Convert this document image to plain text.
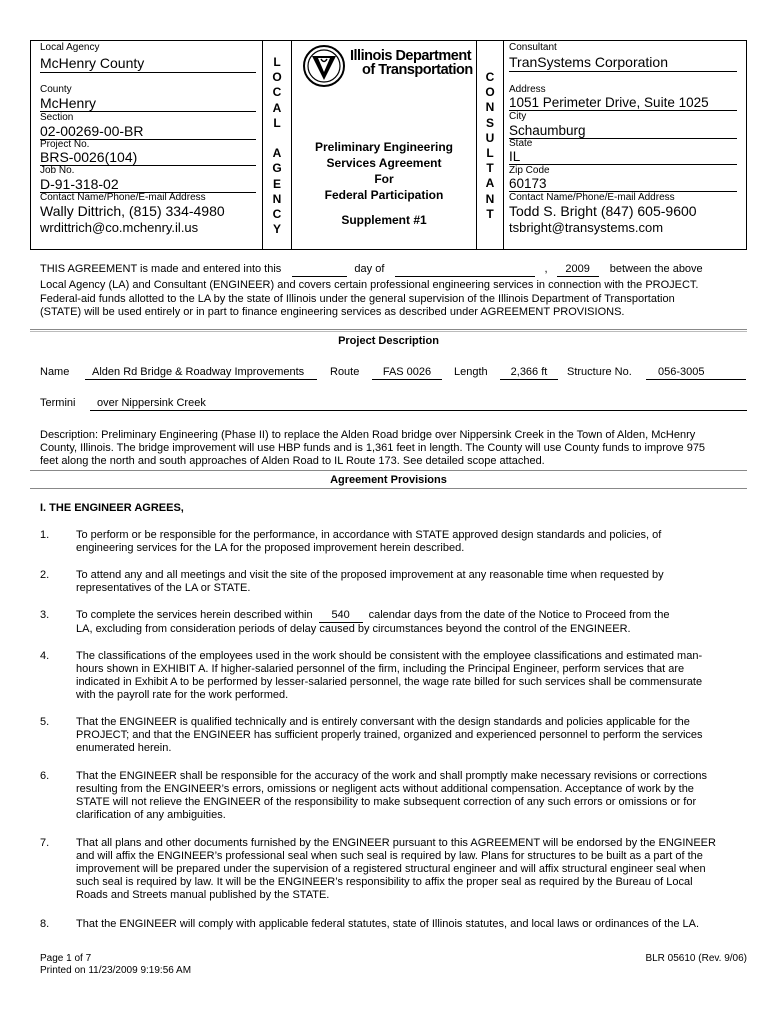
Local Agency
McHenry County
County
McHenry
Section
02-00269-00-BR
Project No.
BRS-0026(104)
Job No.
D-91-318-02
Contact Name/Phone/E-mail Address
Wally Dittrich, (815) 334-4980
wrdittrich@co.mchenry.il.us
L
O
C
A
L

A
G
E
N
C
Y
Illinois Department
of Transportation
Preliminary Engineering
Services Agreement
For
Federal Participation
Supplement #1
C
O
N
S
U
L
T
A
N
T
Consultant
TranSystems Corporation
Address
1051 Perimeter Drive, Suite 1025
City
Schaumburg
State
IL
Zip Code
60173
Contact Name/Phone/E-mail Address
Todd S. Bright (847) 605-9600
tsbright@transystems.com
THIS AGREEMENT is made and entered into this	day of	, 2009 between the above
Local Agency (LA) and Consultant (ENGINEER) and covers certain professional engineering services in connection with the PROJECT.
Federal-aid funds allotted to the LA by the state of Illinois under the general supervision of the Illinois Department of Transportation
(STATE) will be used entirely or in part to finance engineering services as described under AGREEMENT PROVISIONS.
Project Description
Name	Alden Rd Bridge & Roadway Improvements	Route	FAS 0026	Length	2,366 ft	Structure No.	056-3005
Termini	over Nippersink Creek
Description: Preliminary Engineering (Phase II) to replace the Alden Road bridge over Nippersink Creek in the Town of Alden, McHenry
County, Illinois. The bridge improvement will use HBP funds and is 1,361 feet in length. The County will use County funds to improve 975
feet along the north and south approaches of Alden Road to IL Route 173. See detailed scope attached.
Agreement Provisions
I. THE ENGINEER AGREES,
1. To perform or be responsible for the performance, in accordance with STATE approved design standards and policies, of
engineering services for the LA for the proposed improvement herein described.
2. To attend any and all meetings and visit the site of the proposed improvement at any reasonable time when requested by
representatives of the LA or STATE.
3. To complete the services herein described within 540 calendar days from the date of the Notice to Proceed from the
LA, excluding from consideration periods of delay caused by circumstances beyond the control of the ENGINEER.
4. The classifications of the employees used in the work should be consistent with the employee classifications and estimated man-
hours shown in EXHIBIT A. If higher-salaried personnel of the firm, including the Principal Engineer, perform services that are
indicated in Exhibit A to be performed by lesser-salaried personnel, the wage rate billed for such services shall be commensurate
with the payroll rate for the work performed.
5. That the ENGINEER is qualified technically and is entirely conversant with the design standards and policies applicable for the
PROJECT; and that the ENGINEER has sufficient properly trained, organized and experienced personnel to perform the services
enumerated herein.
6. That the ENGINEER shall be responsible for the accuracy of the work and shall promptly make necessary revisions or corrections
resulting from the ENGINEER’s errors, omissions or negligent acts without additional compensation. Acceptance of work by the
STATE will not relieve the ENGINEER of the responsibility to make subsequent correction of any such errors or omissions or for
clarification of any ambiguities.
7. That all plans and other documents furnished by the ENGINEER pursuant to this AGREEMENT will be endorsed by the ENGINEER
and will affix the ENGINEER’s professional seal when such seal is required by law. Plans for structures to be built as a part of the
improvement will be prepared under the supervision of a registered structural engineer and will affix structural engineer seal when
such seal is required by law. It will be the ENGINEER’s responsibility to affix the proper seal as required by the Bureau of Local
Roads and Streets manual published by the STATE.
8. That the ENGINEER will comply with applicable federal statutes, state of Illinois statutes, and local laws or ordinances of the LA.
Page 1 of 7
Printed on 11/23/2009 9:19:56 AM
BLR 05610 (Rev. 9/06)
